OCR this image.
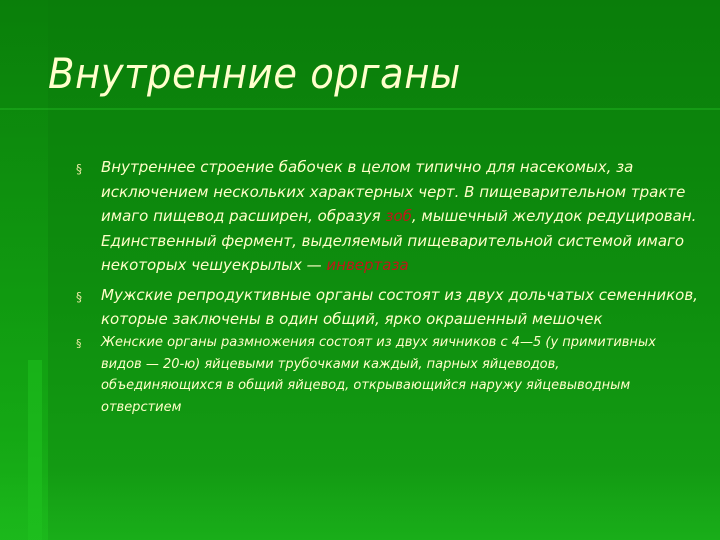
Внутренние органы
§ Внутреннее строение бабочек в целом типично для насекомых, за
исключением нескольких характерных черт. В пищеварительном тракте
имаго пищевод расширен, образуя зоб, мышечный желудок редуцирован.
Единственный фермент, выделяемый пищеварительной системой имаго
некоторых чешуекрылых — инвертаза
§ Мужские репродуктивные органы состоят из двух дольчатых семенников,
которые заключены в один общий, ярко окрашенный мешочек
§ Женские органы размножения состоят из двух яичников с 4—5 (у примитивных
видов — 20-ю) яйцевыми трубочками каждый, парных яйцеводов,
объединяющихся в общий яйцевод, открывающийся наружу яйцевыводным
отверстием
